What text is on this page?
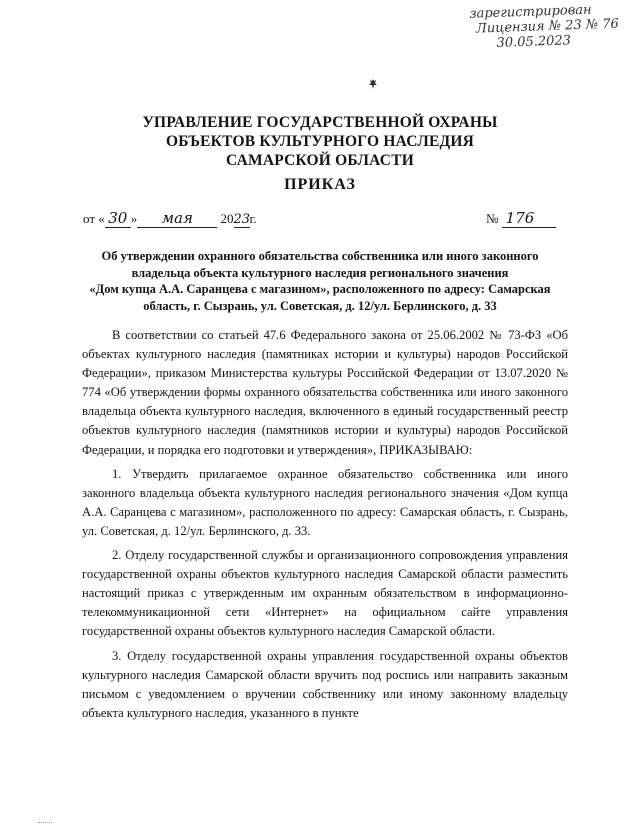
зарегистрирован
Лицензия № 23 № 76
30.05.2023
УПРАВЛЕНИЕ ГОСУДАРСТВЕННОЙ ОХРАНЫ
ОБЪЕКТОВ КУЛЬТУРНОГО НАСЛЕДИЯ
САМАРСКОЙ ОБЛАСТИ
ПРИКАЗ
от « 30 » мая 2023г.	№ 176
Об утверждении охранного обязательства собственника или иного законного
владельца объекта культурного наследия регионального значения
«Дом купца А.А. Саранцева с магазином», расположенного по адресу: Самарская
область, г. Сызрань, ул. Советская, д. 12/ул. Берлинского, д. 33

В соответствии со статьей 47.6 Федерального закона от 25.06.2002 № 73-ФЗ «Об объектах культурного наследия (памятниках истории и культуры) народов Российской Федерации», приказом Министерства культуры Российской Федерации от 13.07.2020 № 774 «Об утверждении формы охранного обязательства собственника или иного законного владельца объекта культурного наследия, включенного в единый государственный реестр объектов культурного наследия (памятников истории и культуры) народов Российской Федерации, и порядка его подготовки и утверждения», ПРИКАЗЫВАЮ:

1. Утвердить прилагаемое охранное обязательство собственника или иного законного владельца объекта культурного наследия регионального значения «Дом купца А.А. Саранцева с магазином», расположенного по адресу: Самарская область, г. Сызрань, ул. Советская, д. 12/ул. Берлинского, д. 33.

2. Отделу государственной службы и организационного сопровождения управления государственной охраны объектов культурного наследия Самарской области разместить настоящий приказ с утвержденным им охранным обязательством в информационно-телекоммуникационной сети «Интернет» на официальном сайте управления государственной охраны объектов культурного наследия Самарской области.

3. Отделу государственной охраны управления государственной охраны объектов культурного наследия Самарской области вручить под роспись или направить заказным письмом с уведомлением о вручении собственнику или иному законному владельцу объекта культурного наследия, указанного в пункте
